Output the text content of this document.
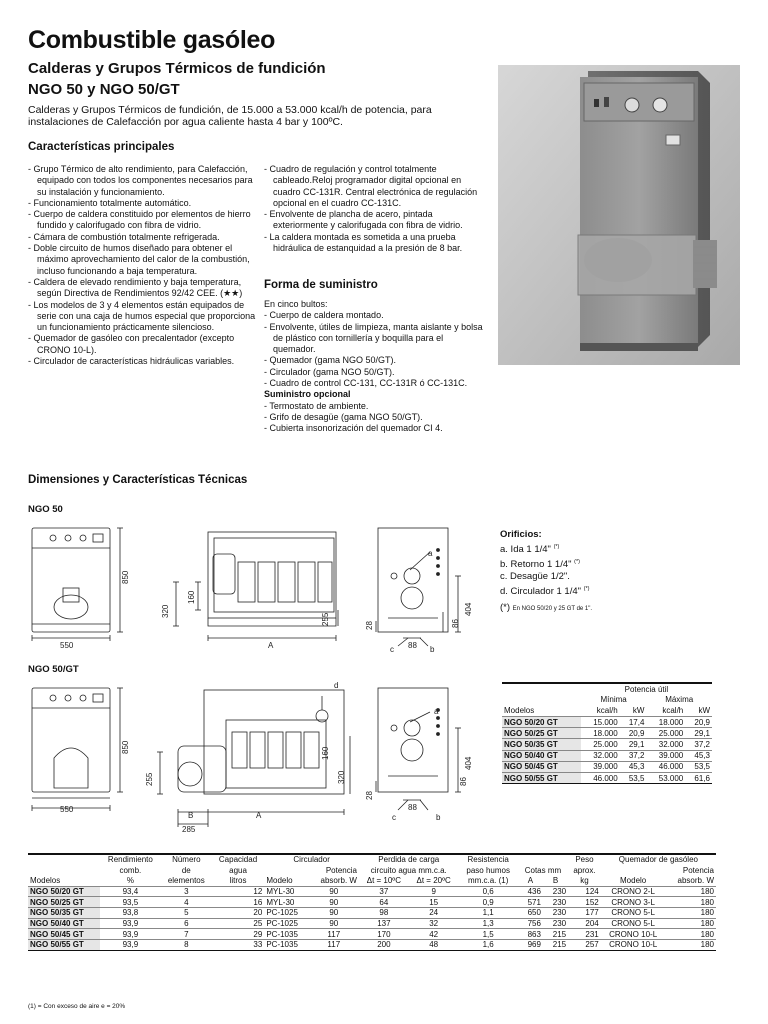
Combustible gasóleo
Calderas y Grupos Térmicos de fundición
NGO 50 y NGO 50/GT

Calderas y Grupos Térmicos de fundición, de 15.000 a 53.000 kcal/h de potencia, para instalaciones de Calefacción por agua caliente hasta 4 bar y 100ºC.

Características principales
- Grupo Térmico de alto rendimiento, para Calefacción, equipado con todos los componentes necesarios para su instalación y funcionamiento.
- Funcionamiento totalmente automático.
- Cuerpo de caldera constituido por elementos de hierro fundido y calorifugado con fibra de vidrio.
- Cámara de combustión totalmente refrigerada.
- Doble circuito de humos diseñado para obtener el máximo aprovechamiento del calor de la combustión, incluso funcionando a baja temperatura.
- Caldera de elevado rendimiento y baja temperatura, según Directiva de Rendimientos 92/42 CEE. (★★)
- Los modelos de 3 y 4 elementos están equipados de serie con una caja de humos especial que proporciona un funcionamiento prácticamente silencioso.
- Quemador de gasóleo con precalentador (excepto CRONO 10-L).
- Circulador de características hidráulicas variables.
- Cuadro de regulación y control totalmente cableado.Reloj programador digital opcional en cuadro CC-131R. Central electrónica de regulación opcional en el cuadro CC-131C.
- Envolvente de plancha de acero, pintada exteriormente y calorifugada con fibra de vidrio.
- La caldera montada es sometida a una prueba hidráulica de estanquidad a la presión de 8 bar.
Forma de suministro
En cinco bultos:
- Cuerpo de caldera montado.
- Envolvente, útiles de limpieza, manta aislante y bolsa de plástico con tornillería y boquilla para el quemador.
- Quemador (gama NGO 50/GT).
- Circulador (gama NGO 50/GT).
- Cuadro de control CC-131, CC-131R ó CC-131C.
Suministro opcional
- Termostato de ambiente.
- Grifo de desagüe (gama NGO 50/GT).
- Cubierta insonorización del quemador CI 4.
Dimensiones y Características Técnicas
NGO 50
NGO 50/GT
550
850
320
160
255
A
404
86
28
88
a
b
c
Orificios:
a. Ida 1 1/4" (*)
b. Retorno 1 1/4" (*)
c. Desagüe 1/2".
d. Circulador 1 1/4" (*)
(*) En NGO 50/20 y 25 GT de 1".
550
850
255	320
160
A
B
285
d
404
86
28
88
a
b
c
	Potencia útil			
	Mínima		Máxima	
Modelos	kcal/h	kW	kcal/h	kW
NGO 50/20 GT	15.000	17,4	18.000	20,9
NGO 50/25 GT	18.000	20,9	25.000	29,1
NGO 50/35 GT	25.000	29,1	32.000	37,2
NGO 50/40 GT	32.000	37,2	39.000	45,3
NGO 50/45 GT	39.000	45,3	46.000	53,5
NGO 50/55 GT	46.000	53,5	53.000	61,6
	Rendimiento	Número	Capacidad	Circulador		Perdida de carga		Resistencia			Peso	Quemador de gasóleo	
	comb.	de	agua		Potencia	circuito agua mm.c.a.		paso humos	Cotas mm		aprox.		Potencia
Modelos	%	elementos	litros	Modelo	absorb. W	Δt = 10ºC	Δt = 20ºC	mm.c.a. (1)	A	B	kg	Modelo	absorb. W
NGO 50/20 GT	93,4	3	12	MYL-30	90	37	9	0,6	436	230	124	CRONO 2-L	180
NGO 50/25 GT	93,5	4	16	MYL-30	90	64	15	0,9	571	230	152	CRONO 3-L	180
NGO 50/35 GT	93,8	5	20	PC-1025	90	98	24	1,1	650	230	177	CRONO 5-L	180
NGO 50/40 GT	93,9	6	25	PC-1025	90	137	32	1,3	756	230	204	CRONO 5-L	180
NGO 50/45 GT	93,9	7	29	PC-1035	117	170	42	1,5	863	215	231	CRONO 10-L	180
NGO 50/55 GT	93,9	8	33	PC-1035	117	200	48	1,6	969	215	257	CRONO 10-L	180
(1) = Con exceso de aire e = 20%
